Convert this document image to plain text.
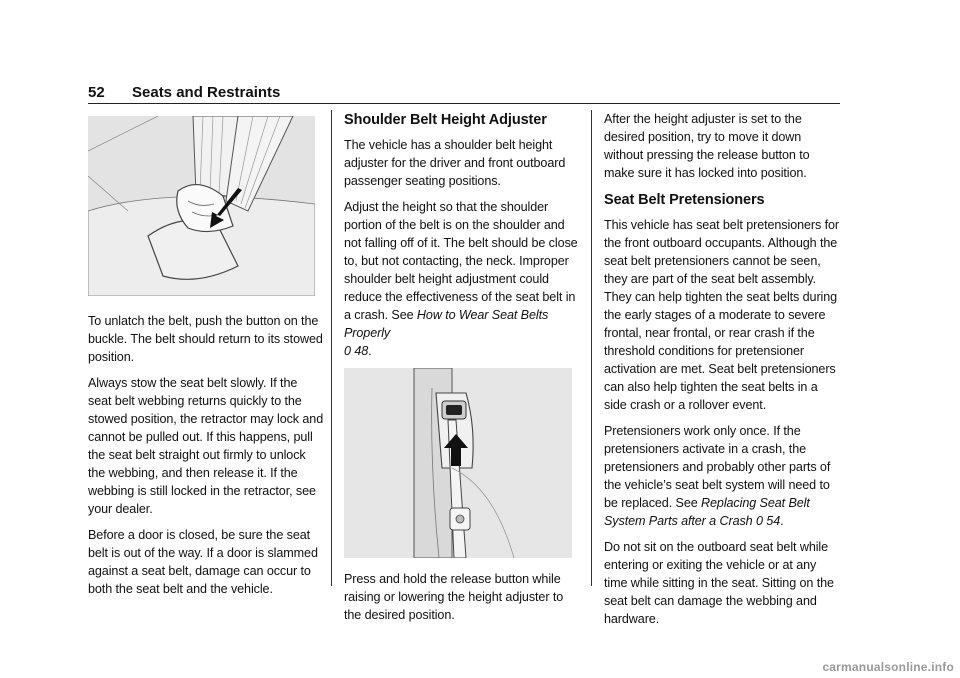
52 Seats and Restraints

To unlatch the belt, push the button on the buckle. The belt should return to its stowed position.

Always stow the seat belt slowly. If the seat belt webbing returns quickly to the stowed position, the retractor may lock and cannot be pulled out. If this happens, pull the seat belt straight out firmly to unlock the webbing, and then release it. If the webbing is still locked in the retractor, see your dealer.

Before a door is closed, be sure the seat belt is out of the way. If a door is slammed against a seat belt, damage can occur to both the seat belt and the vehicle.

Shoulder Belt Height Adjuster

The vehicle has a shoulder belt height adjuster for the driver and front outboard passenger seating positions.

Adjust the height so that the shoulder portion of the belt is on the shoulder and not falling off of it. The belt should be close to, but not contacting, the neck. Improper shoulder belt height adjustment could reduce the effectiveness of the seat belt in a crash. See How to Wear Seat Belts Properly
0 48.

Press and hold the release button while raising or lowering the height adjuster to the desired position.

After the height adjuster is set to the desired position, try to move it down without pressing the release button to make sure it has locked into position.

Seat Belt Pretensioners

This vehicle has seat belt pretensioners for the front outboard occupants. Although the seat belt pretensioners cannot be seen, they are part of the seat belt assembly. They can help tighten the seat belts during the early stages of a moderate to severe frontal, near frontal, or rear crash if the threshold conditions for pretensioner activation are met. Seat belt pretensioners can also help tighten the seat belts in a side crash or a rollover event.

Pretensioners work only once. If the pretensioners activate in a crash, the pretensioners and probably other parts of the vehicle’s seat belt system will need to be replaced. See Replacing Seat Belt System Parts after a Crash 0 54.

Do not sit on the outboard seat belt while entering or exiting the vehicle or at any time while sitting in the seat. Sitting on the seat belt can damage the webbing and hardware.

carmanualsonline.info
